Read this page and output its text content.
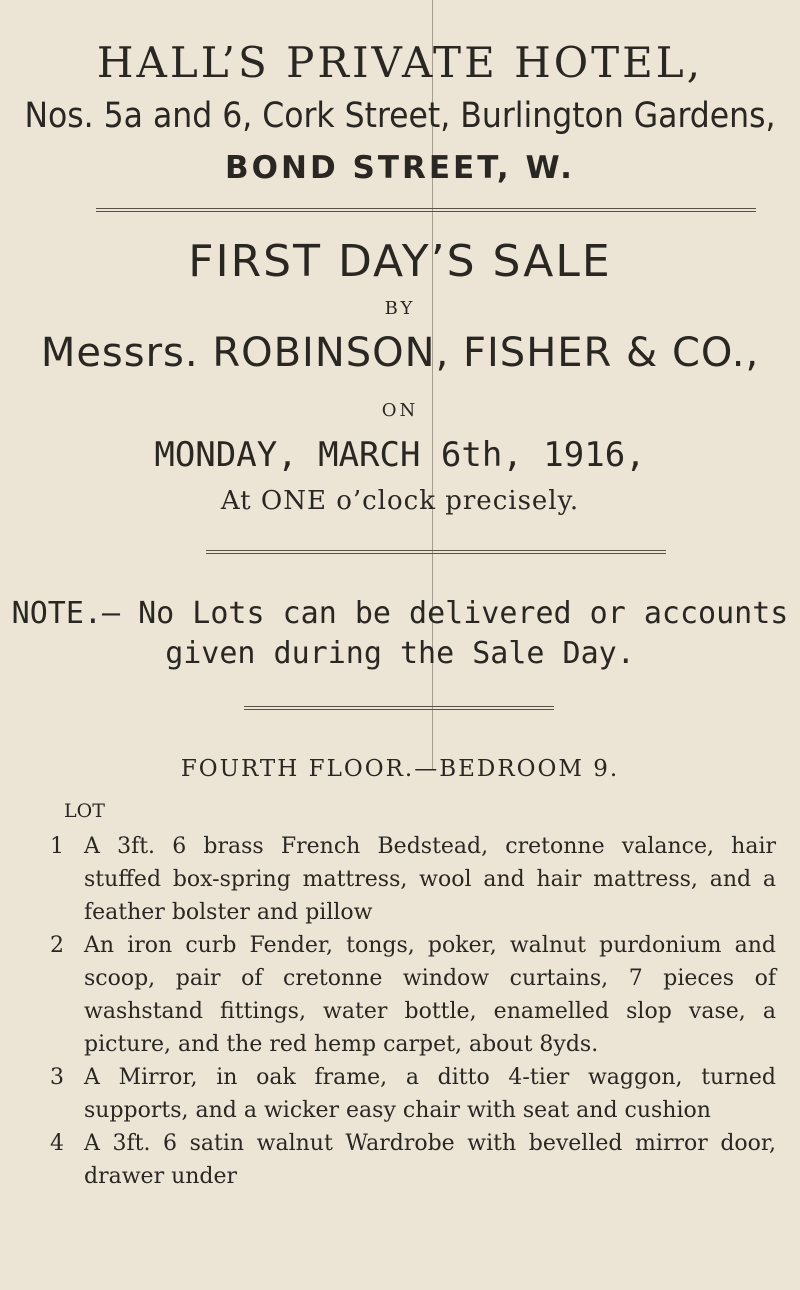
HALL’S PRIVATE HOTEL,
Nos. 5a and 6, Cork Street, Burlington Gardens,
BOND STREET, W.
FIRST DAY’S SALE
BY
Messrs. ROBINSON, FISHER & CO.,
ON
MONDAY, MARCH 6th, 1916,
At ONE o’clock precisely.
NOTE.— No Lots can be delivered or accounts
given during the Sale Day.
FOURTH FLOOR.—BEDROOM 9.
LOT
1 A 3ft. 6 brass French Bedstead, cretonne valance, hair stuffed box-spring mattress, wool and hair mattress, and a feather bolster and pillow
2 An iron curb Fender, tongs, poker, walnut purdonium and scoop, pair of cretonne window curtains, 7 pieces of washstand fittings, water bottle, enamelled slop vase, a picture, and the red hemp carpet, about 8yds.
3 A Mirror, in oak frame, a ditto 4-tier waggon, turned supports, and a wicker easy chair with seat and cushion
4 A 3ft. 6 satin walnut Wardrobe with bevelled mirror door, drawer under
